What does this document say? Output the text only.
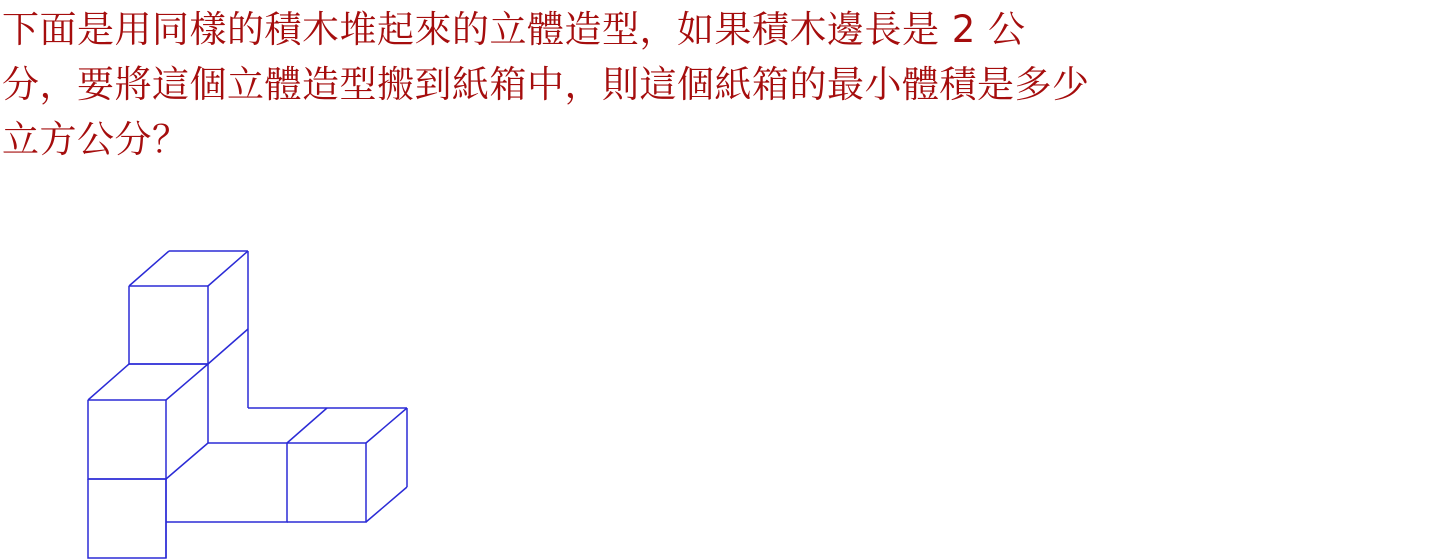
下面是用同樣的積木堆起來的立體造型，如果積木邊長是 2 公
分，要將這個立體造型搬到紙箱中，則這個紙箱的最小體積是多少
立方公分？
